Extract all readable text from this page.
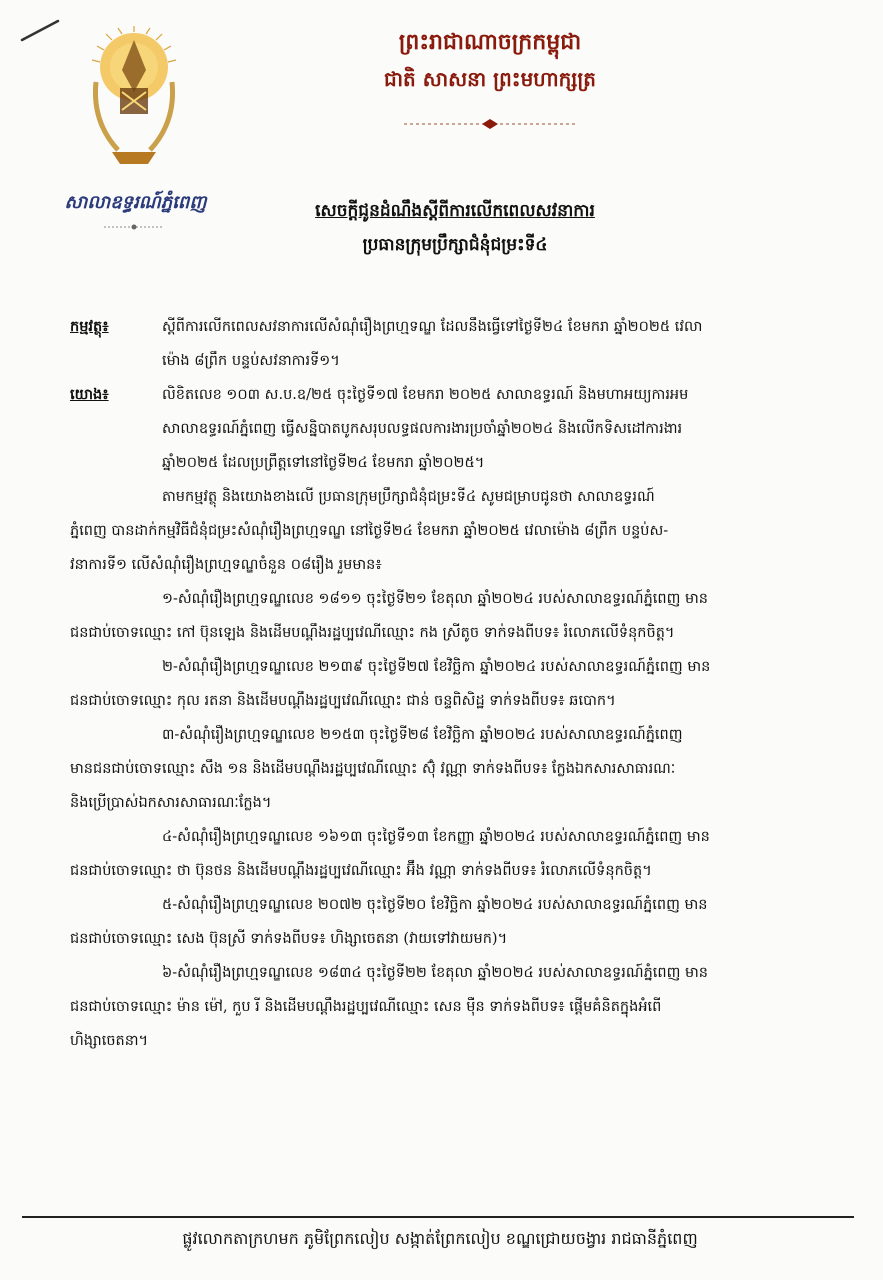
សាលាឧទ្ធរណ៍ភ្នំពេញ
ព្រះរាជាណាចក្រកម្ពុជា
ជាតិ សាសនា ព្រះមហាក្សត្រ
សេចក្តីជូនដំណឹងស្តីពីការលើកពេលសវនាការ
ប្រធានក្រុមប្រឹក្សាជំនុំជម្រះទី៤
កម្មវត្ថុ៖	ស្តីពីការលើកពេលសវនាការលើសំណុំរឿងព្រហ្មទណ្ឌ ដែលនឹងធ្វើទៅថ្ងៃទី២៤ ខែមករា ឆ្នាំ២០២៥ វេលា
ម៉ោង ៨ព្រឹក បន្ទប់សវនាការទី១។
យោង៖	លិខិតលេខ ១០៣ ស.ប.ឧ/២៥ ចុះថ្ងៃទី១៧ ខែមករា ២០២៥ សាលាឧទ្ធរណ៍ និងមហាអយ្យការអម
សាលាឧទ្ធរណ៍ភ្នំពេញ ធ្វើសន្និបាតបូកសរុបលទ្ធផលការងារប្រចាំឆ្នាំ២០២៤ និងលើកទិសដៅការងារ
ឆ្នាំ២០២៥ ដែលប្រព្រឹត្តទៅនៅថ្ងៃទី២៤ ខែមករា ឆ្នាំ២០២៥។
តាមកម្មវត្ថុ និងយោងខាងលើ ប្រធានក្រុមប្រឹក្សាជំនុំជម្រះទី៤ សូមជម្រាបជូនថា សាលាឧទ្ធរណ៍
ភ្នំពេញ បានដាក់កម្មវិធីជំនុំជម្រះសំណុំរឿងព្រហ្មទណ្ឌ នៅថ្ងៃទី២៤ ខែមករា ឆ្នាំ២០២៥ វេលាម៉ោង ៨ព្រឹក បន្ទប់ស-
វនាការទី១ លើសំណុំរឿងព្រហ្មទណ្ឌចំនួន ០៨រឿង រួមមាន៖
១-សំណុំរឿងព្រហ្មទណ្ឌលេខ ១៨១១ ចុះថ្ងៃទី២១ ខែតុលា ឆ្នាំ២០២៤ របស់សាលាឧទ្ធរណ៍ភ្នំពេញ មាន
ជនជាប់ចោទឈ្មោះ កៅ ប៊ុនឡេង និងដើមបណ្តឹងរដ្ឋប្បវេណីឈ្មោះ កង ស្រីតូច ទាក់ទងពីបទ៖ រំលោភលើទំនុកចិត្ត។
២-សំណុំរឿងព្រហ្មទណ្ឌលេខ ២១៣៩ ចុះថ្ងៃទី២៧ ខែវិច្ឆិកា ឆ្នាំ២០២៤ របស់សាលាឧទ្ធរណ៍ភ្នំពេញ មាន
ជនជាប់ចោទឈ្មោះ កុល រតនា និងដើមបណ្តឹងរដ្ឋប្បវេណីឈ្មោះ ជាន់ ចន្ទពិសិដ្ឋ ទាក់ទងពីបទ៖ ឆបោក។
៣-សំណុំរឿងព្រហ្មទណ្ឌលេខ ២១៥៣ ចុះថ្ងៃទី២៨ ខែវិច្ឆិកា ឆ្នាំ២០២៤ របស់សាលាឧទ្ធរណ៍ភ្នំពេញ
មានជនជាប់ចោទឈ្មោះ សឹង ១ន និងដើមបណ្តឹងរដ្ឋប្បវេណីឈ្មោះ ស៊ុំ វណ្ណា ទាក់ទងពីបទ៖ ក្លែងឯកសារសាធារណៈ
និងប្រើប្រាស់ឯកសារសាធារណៈក្លែង។
៤-សំណុំរឿងព្រហ្មទណ្ឌលេខ ១៦១៣ ចុះថ្ងៃទី១៣ ខែកញ្ញា ឆ្នាំ២០២៤ របស់សាលាឧទ្ធរណ៍ភ្នំពេញ មាន
ជនជាប់ចោទឈ្មោះ ថា ប៊ុនថន និងដើមបណ្តឹងរដ្ឋប្បវេណីឈ្មោះ អ៊ឹង វណ្ណា ទាក់ទងពីបទ៖ រំលោភលើទំនុកចិត្ត។
៥-សំណុំរឿងព្រហ្មទណ្ឌលេខ ២០៧២ ចុះថ្ងៃទី២០ ខែវិច្ឆិកា ឆ្នាំ២០២៤ របស់សាលាឧទ្ធរណ៍ភ្នំពេញ មាន
ជនជាប់ចោទឈ្មោះ សេង ប៊ុនស្រី ទាក់ទងពីបទ៖ ហិង្សាចេតនា (វាយទៅវាយមក)។
៦-សំណុំរឿងព្រហ្មទណ្ឌលេខ ១៨៣៤ ចុះថ្ងៃទី២២ ខែតុលា ឆ្នាំ២០២៤ របស់សាលាឧទ្ធរណ៍ភ្នំពេញ មាន
ជនជាប់ចោទឈ្មោះ ម៉ាន ម៉ៅ, កួប រី និងដើមបណ្តឹងរដ្ឋប្បវេណីឈ្មោះ សេន ម៉ឺន ទាក់ទងពីបទ៖ ផ្តើមគំនិតក្នុងអំពើ
ហិង្សាចេតនា។
ផ្លូវលោកតាក្រហមក ភូមិព្រែកលៀប សង្កាត់ព្រែកលៀប ខណ្ឌជ្រោយចង្វារ រាជធានីភ្នំពេញ
